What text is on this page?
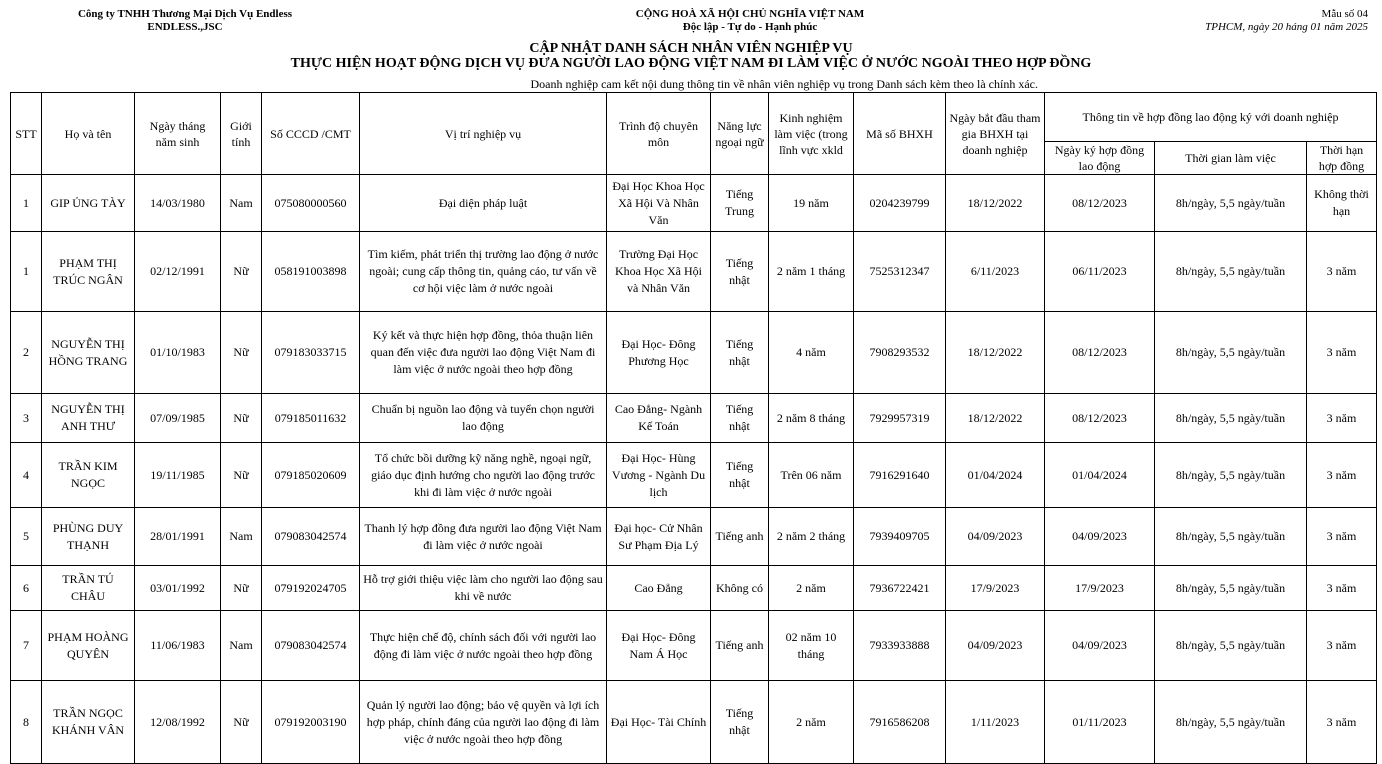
Công ty TNHH Thương Mại Dịch Vụ Endless
ENDLESS.,JSC
CỘNG HOÀ XÃ HỘI CHỦ NGHĨA VIỆT NAM
Độc lập - Tự do - Hạnh phúc
Mẫu số 04
TPHCM, ngày 20 háng 01 năm 2025
CẬP NHẬT DANH SÁCH NHÂN VIÊN NGHIỆP VỤ
THỰC HIỆN HOẠT ĐỘNG DỊCH VỤ ĐƯA NGƯỜI LAO ĐỘNG VIỆT NAM ĐI LÀM VIỆC Ở NƯỚC NGOÀI THEO HỢP ĐỒNG
Doanh nghiệp cam kết nội dung thông tin về nhân viên nghiệp vụ trong Danh sách kèm theo là chính xác.
STT	Họ và tên	Ngày tháng năm sinh	Giới tính	Số CCCD /CMT	Vị trí nghiệp vụ	Trình độ chuyên môn	Năng lực ngoại ngữ	Kinh nghiệm làm việc (trong lĩnh vực xkld	Mã số BHXH	Ngày bắt đầu tham gia BHXH tại doanh nghiệp	Thông tin về hợp đồng lao động ký với doanh nghiệp		
											Ngày ký hợp đồng lao động	Thời gian làm việc	Thời hạn hợp đồng
1	GIP ỦNG TÀY	14/03/1980	Nam	075080000560	Đại diện pháp luật	Đại Học Khoa Học Xã Hội Và Nhân Văn	Tiếng Trung	19 năm	0204239799	18/12/2022	08/12/2023	8h/ngày, 5,5 ngày/tuần	Không thời hạn
1	PHẠM THỊ TRÚC NGÂN	02/12/1991	Nữ	058191003898	Tìm kiếm, phát triển thị trường lao động ở nước ngoài; cung cấp thông tin, quảng cáo, tư vấn về cơ hội việc làm ở nước ngoài	Trường Đại Học Khoa Học Xã Hội và Nhân Văn	Tiếng nhật	2 năm 1 tháng	7525312347	6/11/2023	06/11/2023	8h/ngày, 5,5 ngày/tuần	3 năm
2	NGUYỄN THỊ HỒNG TRANG	01/10/1983	Nữ	079183033715	Ký kết và thực hiện hợp đồng, thỏa thuận liên quan đến việc đưa người lao động Việt Nam đi làm việc ở nước ngoài theo hợp đồng	Đại Học- Đông Phương Học	Tiếng nhật	4 năm	7908293532	18/12/2022	08/12/2023	8h/ngày, 5,5 ngày/tuần	3 năm
3	NGUYỄN THỊ ANH THƯ	07/09/1985	Nữ	079185011632	Chuẩn bị nguồn lao động và tuyển chọn người lao động	Cao Đẳng- Ngành Kế Toán	Tiếng nhật	2 năm 8 tháng	7929957319	18/12/2022	08/12/2023	8h/ngày, 5,5 ngày/tuần	3 năm
4	TRẦN KIM NGỌC	19/11/1985	Nữ	079185020609	Tổ chức bồi dưỡng kỹ năng nghề, ngoại ngữ, giáo dục định hướng cho người lao động trước khi đi làm việc ở nước ngoài	Đại Học- Hùng Vương - Ngành Du lịch	Tiếng nhật	Trên 06 năm	7916291640	01/04/2024	01/04/2024	8h/ngày, 5,5 ngày/tuần	3 năm
5	PHÙNG DUY THẠNH	28/01/1991	Nam	079083042574	Thanh lý hợp đồng đưa người lao động Việt Nam đi làm việc ở nước ngoài	Đại học- Cử Nhân Sư Phạm Địa Lý	Tiếng anh	2 năm 2 tháng	7939409705	04/09/2023	04/09/2023	8h/ngày, 5,5 ngày/tuần	3 năm
6	TRẦN TÚ CHÂU	03/01/1992	Nữ	079192024705	Hỗ trợ giới thiệu việc làm cho người lao động sau khi về nước	Cao Đẳng	Không có	2 năm	7936722421	17/9/2023	17/9/2023	8h/ngày, 5,5 ngày/tuần	3 năm
7	PHẠM HOÀNG QUYÊN	11/06/1983	Nam	079083042574	Thực hiện chế độ, chính sách đối với người lao động đi làm việc ở nước ngoài theo hợp đồng	Đại Học- Đông Nam Á Học	Tiếng anh	02 năm 10 tháng	7933933888	04/09/2023	04/09/2023	8h/ngày, 5,5 ngày/tuần	3 năm
8	TRẦN NGỌC KHÁNH VÂN	12/08/1992	Nữ	079192003190	Quản lý người lao động; bảo vệ quyền và lợi ích hợp pháp, chính đáng của người lao động đi làm việc ở nước ngoài theo hợp đồng	Đại Học- Tài Chính	Tiếng nhật	2 năm	7916586208	1/11/2023	01/11/2023	8h/ngày, 5,5 ngày/tuần	3 năm
